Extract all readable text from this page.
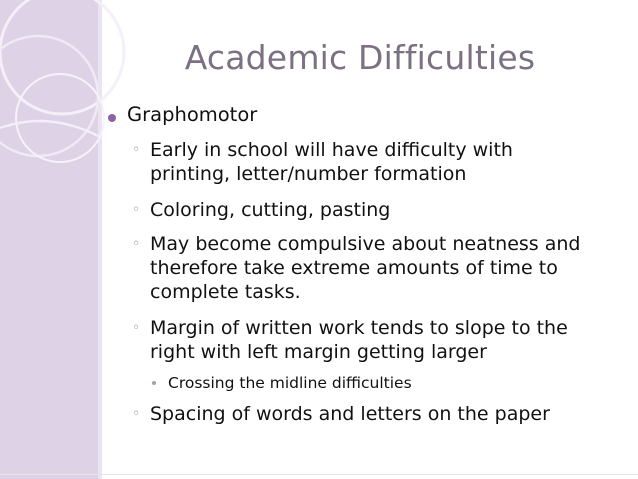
Academic Difficulties
Graphomotor
◦ Early in school will have difficulty with
printing, letter/number formation
◦ Coloring, cutting, pasting
◦ May become compulsive about neatness and
therefore take extreme amounts of time to
complete tasks.
◦ Margin of written work tends to slope to the
right with left margin getting larger
Crossing the midline difficulties
◦ Spacing of words and letters on the paper
